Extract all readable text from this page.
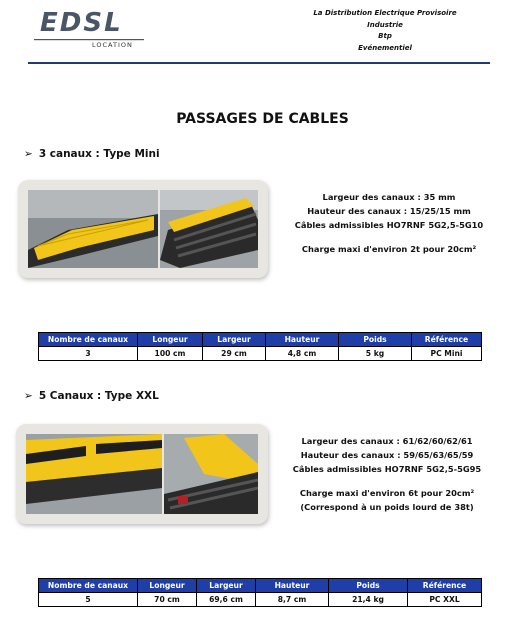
EDSL
LOCATION
La Distribution Electrique Provisoire
Industrie
Btp
Evénementiel
PASSAGES DE CABLES
➢ 3 canaux : Type Mini
Largeur des canaux : 35 mm
Hauteur des canaux : 15/25/15 mm
Câbles admissibles HO7RNF 5G2,5-5G10
Charge maxi d'environ 2t pour 20cm²
Nombre de canaux	Longeur	Largeur	Hauteur	Poids	Référence
3	100 cm	29 cm	4,8 cm	5 kg	PC Mini
➢ 5 Canaux : Type XXL
Largeur des canaux : 61/62/60/62/61
Hauteur des canaux : 59/65/63/65/59
Câbles admissibles HO7RNF 5G2,5-5G95
Charge maxi d'environ 6t pour 20cm²
(Correspond à un poids lourd de 38t)
Nombre de canaux	Longeur	Largeur	Hauteur	Poids	Référence
5	70 cm	69,6 cm	8,7 cm	21,4 kg	PC XXL
